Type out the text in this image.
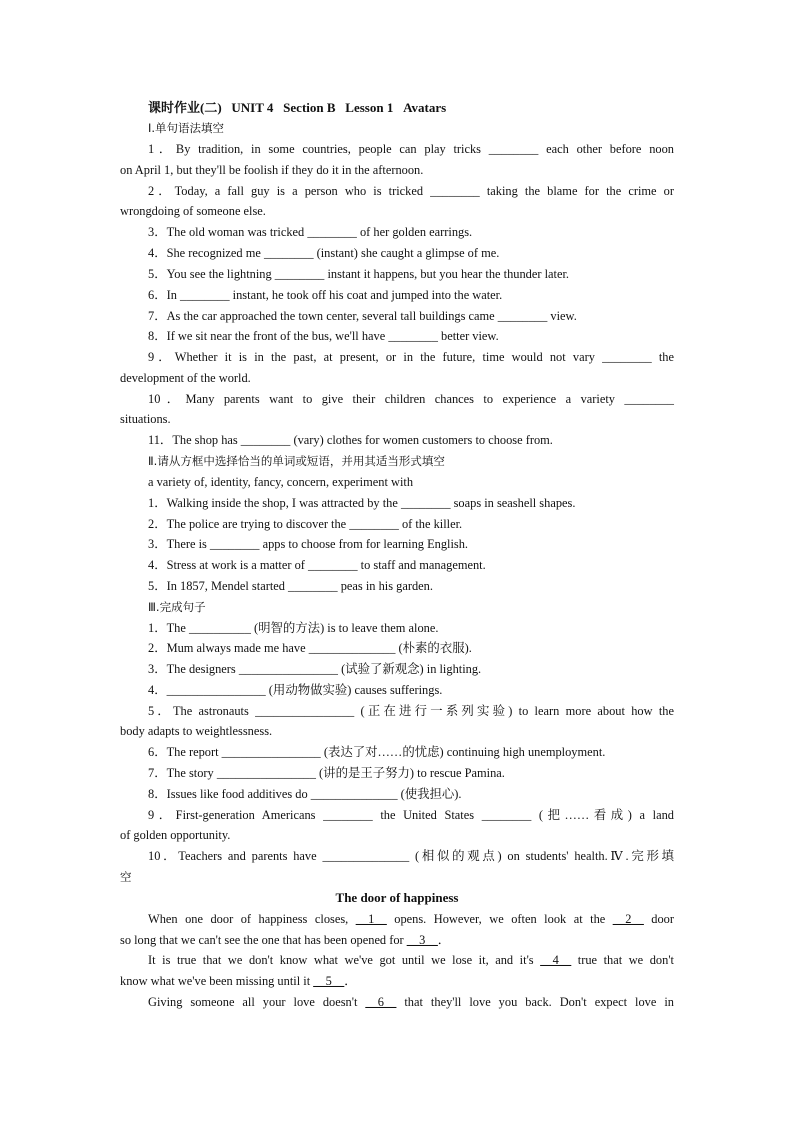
课时作业(二)   UNIT 4   Section B   Lesson 1   Avatars
Ⅰ.单句语法填空
1．By tradition, in some countries, people can play tricks ________ each other before noon
on April 1, but they'll be foolish if they do it in the afternoon.
2．Today, a fall guy is a person who is tricked ________ taking the blame for the crime or
wrongdoing of someone else.
3．The old woman was tricked ________ of her golden earrings.
4．She recognized me ________ (instant) she caught a glimpse of me.
5．You see the lightning ________ instant it happens, but you hear the thunder later.
6．In ________ instant, he took off his coat and jumped into the water.
7．As the car approached the town center, several tall buildings came ________ view.
8．If we sit near the front of the bus, we'll have ________ better view.
9．Whether it is in the past, at present, or in the future, time would not vary ________ the
development of the world.
10．Many parents want to give their children chances to experience a variety ________
situations.
11．The shop has ________ (vary) clothes for women customers to choose from.
Ⅱ.请从方框中选择恰当的单词或短语，并用其适当形式填空
a variety of, identity, fancy, concern, experiment with
1．Walking inside the shop, I was attracted by the ________ soaps in seashell shapes.
2．The police are trying to discover the ________ of the killer.
3．There is ________ apps to choose from for learning English.
4．Stress at work is a matter of ________ to staff and management.
5．In 1857, Mendel started ________ peas in his garden.
Ⅲ.完成句子
1．The __________ (明智的方法) is to leave them alone.
2．Mum always made me have ______________ (朴素的衣服).
3．The designers ________________ (试验了新观念) in lighting.
4．________________ (用动物做实验) causes sufferings.
5．The astronauts ________________ (正在进行一系列实验) to learn more about how the
body adapts to weightlessness.
6．The report ________________ (表达了对……的忧虑) continuing high unemployment.
7．The story ________________ (讲的是王子努力) to rescue Pamina.
8．Issues like food additives do ______________ (使我担心).
9．First-generation Americans ________ the United States ________ (把……看成) a land
of golden opportunity.
10．Teachers and parents have ______________ (相似的观点) on students' health.Ⅳ.完形填
空
The door of happiness
When one door of happiness closes, __1__ opens. However, we often look at the __2__ door
so long that we can't see the one that has been opened for __3__．
It is true that we don't know what we've got until we lose it, and it's __4__ true that we don't
know what we've been missing until it __5__．
Giving someone all your love doesn't __6__ that they'll love you back. Don't expect love in
